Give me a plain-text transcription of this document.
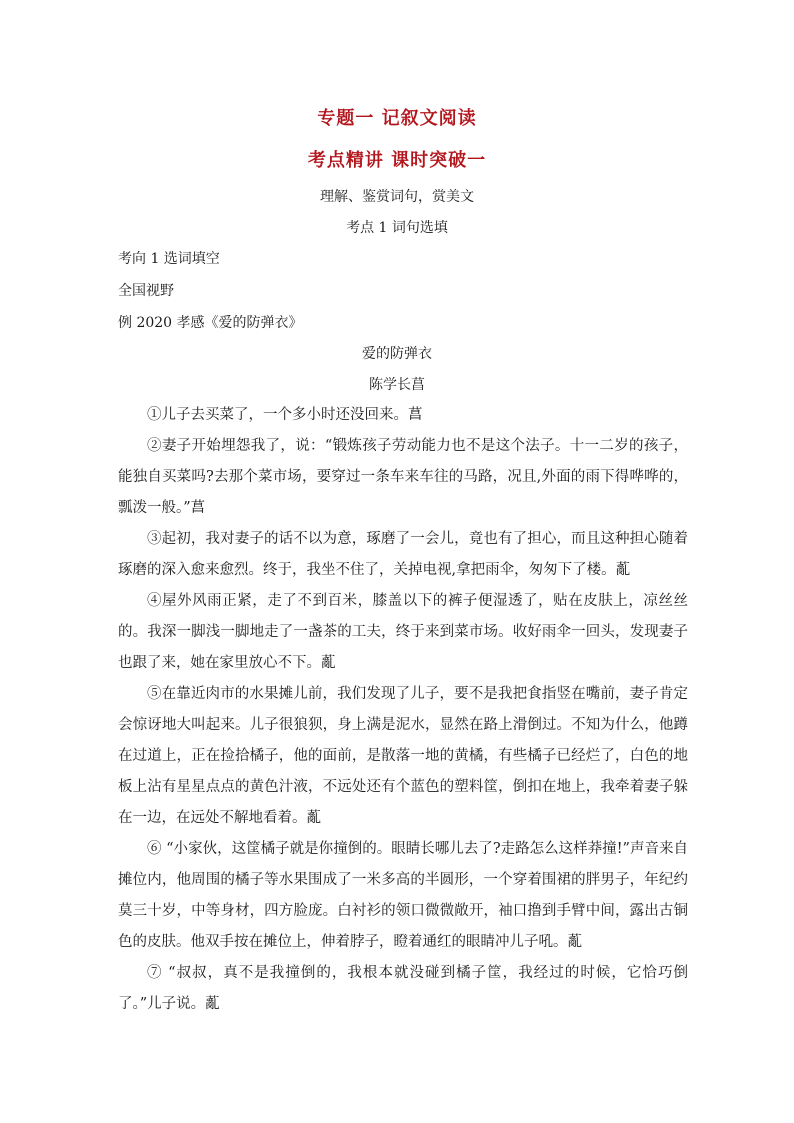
专题一 记叙文阅读
考点精讲 课时突破一
理解、鉴赏词句，赏美文
考点 1 词句选填
考向 1 选词填空
全国视野
例 2020 孝感《爱的防弹衣》
爱的防弹衣
陈学长菖

①儿子去买菜了，一个多小时还没回来。菖

②妻子开始埋怨我了，说：“锻炼孩子劳动能力也不是这个法子。十一二岁的孩子，能独自买菜吗?去那个菜市场，要穿过一条车来车往的马路，况且,外面的雨下得哗哗的，瓢泼一般。”菖

③起初，我对妻子的话不以为意，琢磨了一会儿，竟也有了担心，而且这种担心随着琢磨的深入愈来愈烈。终于，我坐不住了，关掉电视,拿把雨伞，匆匆下了楼。薍

④屋外风雨正紧，走了不到百米，膝盖以下的裤子便湿透了，贴在皮肤上，凉丝丝的。我深一脚浅一脚地走了一盏茶的工夫，终于来到菜市场。收好雨伞一回头，发现妻子也跟了来，她在家里放心不下。薍

⑤在靠近肉市的水果摊儿前，我们发现了儿子，要不是我把食指竖在嘴前，妻子肯定会惊讶地大叫起来。儿子很狼狈，身上满是泥水，显然在路上滑倒过。不知为什么，他蹲在过道上，正在捡拾橘子，他的面前，是散落一地的黄橘，有些橘子已经烂了，白色的地板上沾有星星点点的黄色汁液，不远处还有个蓝色的塑料筐，倒扣在地上，我牵着妻子躲在一边，在远处不解地看着。薍

⑥ “小家伙，这筐橘子就是你撞倒的。眼睛长哪儿去了?走路怎么这样莽撞!”声音来自摊位内，他周围的橘子等水果围成了一米多高的半圆形，一个穿着围裙的胖男子，年纪约莫三十岁，中等身材，四方脸庞。白衬衫的领口微微敞开，袖口撸到手臂中间，露出古铜色的皮肤。他双手按在摊位上，伸着脖子，瞪着通红的眼睛冲儿子吼。薍

⑦ “叔叔，真不是我撞倒的，我根本就没碰到橘子筐，我经过的时候，它恰巧倒了。”儿子说。薍
